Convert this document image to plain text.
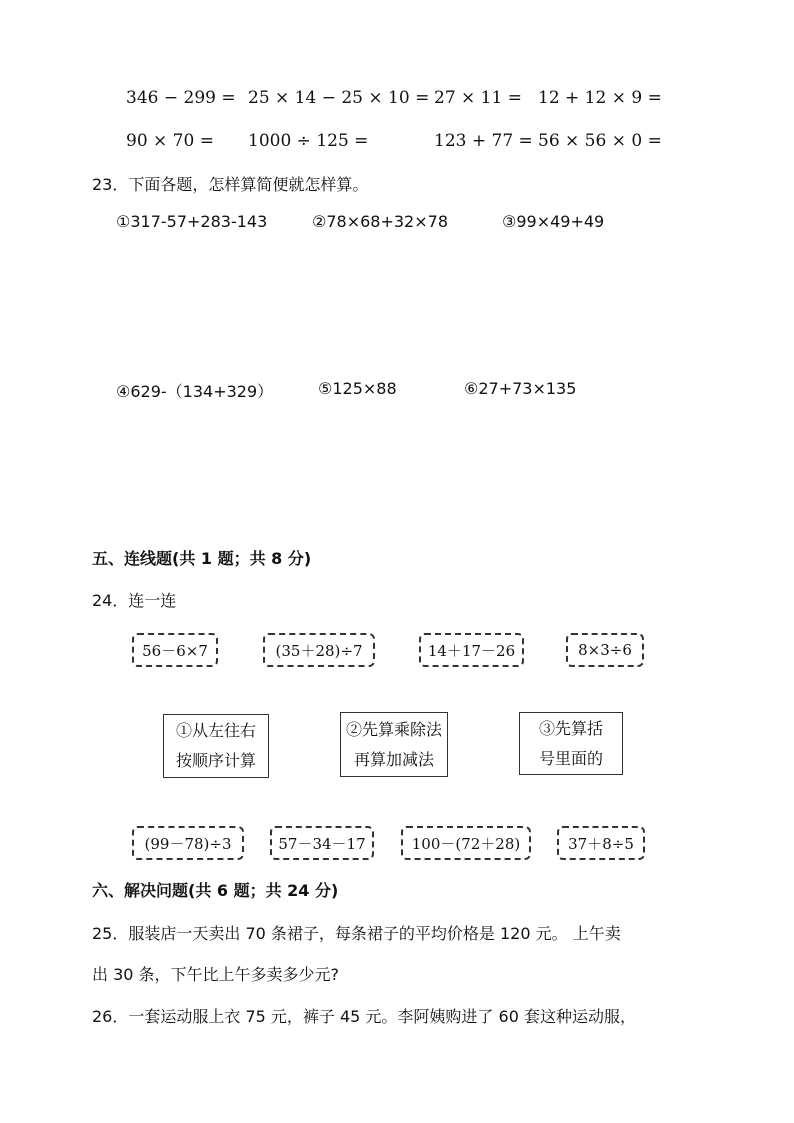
346 − 299 = 25 × 14 − 25 × 10 = 27 × 11 = 12 + 12 × 9 =
90 × 70 = 1000 ÷ 125 =	123 + 77 = 56 × 56 × 0 =
23．下面各题，怎样算简便就怎样算。
①317-57+283-143	②78×68+32×78	③99×49+49
④629-（134+329）	⑤125×88	⑥27+73×135
五、连线题(共 1 题；共 8 分)
24．连一连
56－6×7	(35＋28)÷7	14＋17－26	8×3÷6
①从左往右
按顺序计算
②先算乘除法
再算加减法
③先算括
号里面的
(99－78)÷3	57－34－17	100－(72＋28)	37＋8÷5
六、解决问题(共 6 题；共 24 分)
25．服装店一天卖出 70 条裙子，每条裙子的平均价格是 120 元。 上午卖
出 30 条，下午比上午多卖多少元?
26．一套运动服上衣 75 元，裤子 45 元。李阿姨购进了 60 套这种运动服，
